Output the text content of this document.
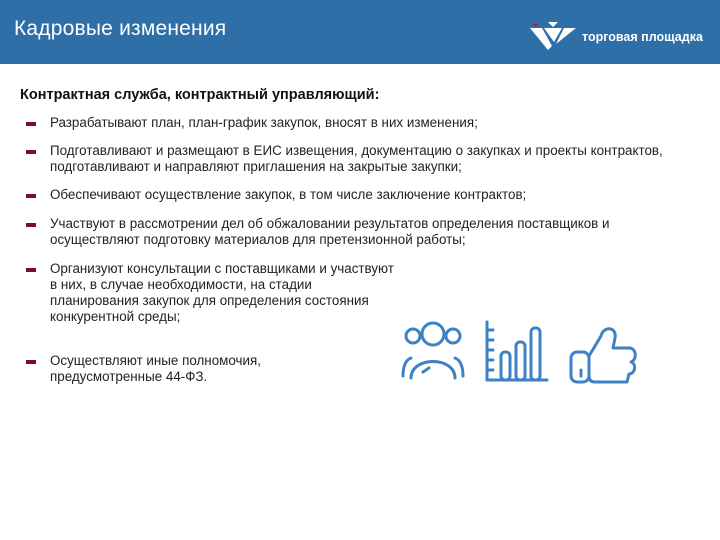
Кадровые изменения	торговая площадка
Контрактная служба, контрактный управляющий:
Разрабатывают план, план-график закупок, вносят в них изменения;
Подготавливают и размещают в ЕИС извещения, документацию о закупках и проекты контрактов, подготавливают и направляют приглашения на закрытые закупки;
Обеспечивают осуществление закупок, в том числе заключение контрактов;
Участвуют в рассмотрении дел об обжаловании результатов определения поставщиков и осуществляют подготовку материалов для претензионной работы;
Организуют консультации с поставщиками и участвуют в них, в случае необходимости, на стадии планирования закупок для определения состояния конкурентной среды;
Осуществляют иные полномочия, предусмотренные 44-ФЗ.
